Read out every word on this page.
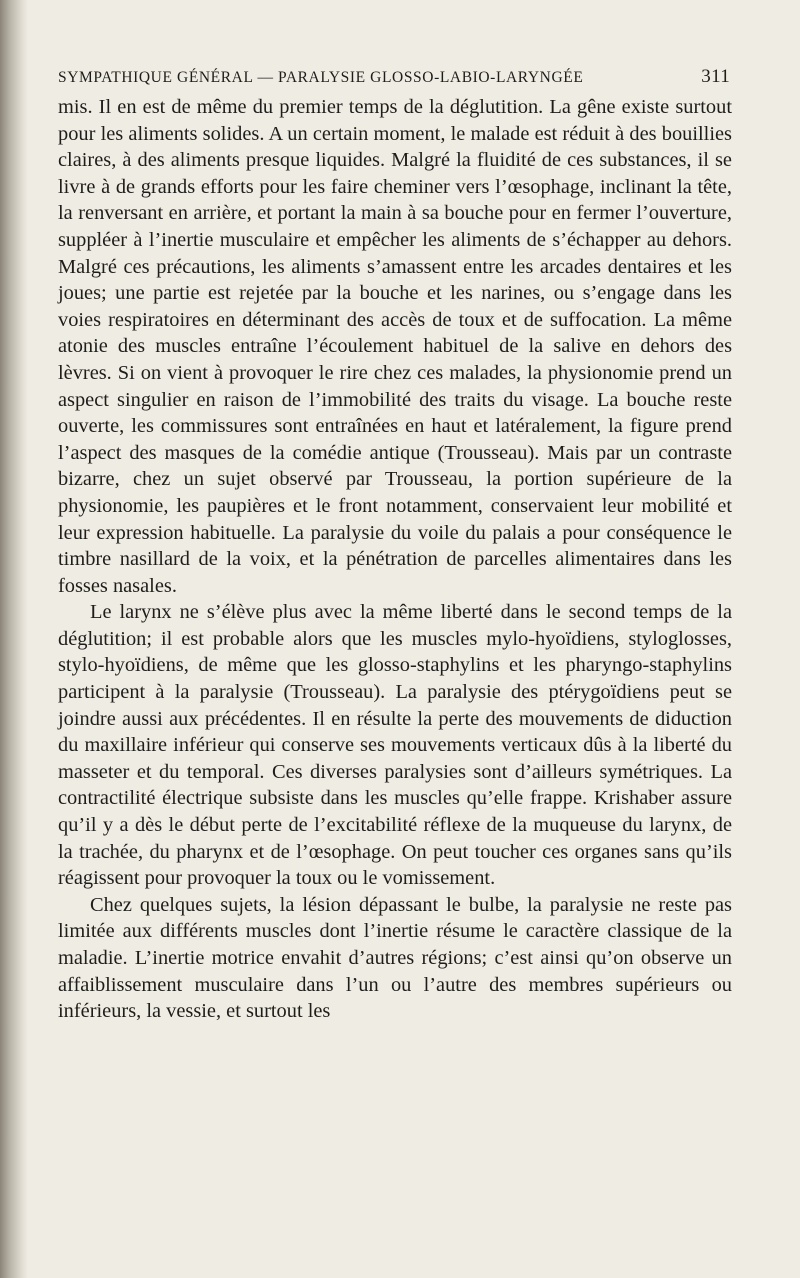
SYMPATHIQUE GÉNÉRAL — PARALYSIE GLOSSO-LABIO-LARYNGÉE	311

mis. Il en est de même du premier temps de la déglutition. La gêne existe surtout pour les aliments solides. A un certain moment, le malade est réduit à des bouillies claires, à des aliments presque liquides. Malgré la fluidité de ces substances, il se livre à de grands efforts pour les faire cheminer vers l’œsophage, inclinant la tête, la renversant en arrière, et portant la main à sa bouche pour en fermer l’ouverture, suppléer à l’inertie musculaire et empêcher les aliments de s’échapper au dehors. Malgré ces précautions, les aliments s’amassent entre les arcades dentaires et les joues; une partie est rejetée par la bouche et les narines, ou s’engage dans les voies respiratoires en déterminant des accès de toux et de suffocation. La même atonie des muscles entraîne l’écoulement habituel de la salive en dehors des lèvres. Si on vient à provoquer le rire chez ces malades, la physionomie prend un aspect singulier en raison de l’immobilité des traits du visage. La bouche reste ouverte, les commissures sont entraînées en haut et latéralement, la figure prend l’aspect des masques de la comédie antique (Trousseau). Mais par un contraste bizarre, chez un sujet observé par Trousseau, la portion supérieure de la physionomie, les paupières et le front notamment, conservaient leur mobilité et leur expression habituelle. La paralysie du voile du palais a pour conséquence le timbre nasillard de la voix, et la pénétration de parcelles alimentaires dans les fosses nasales.

Le larynx ne s’élève plus avec la même liberté dans le second temps de la déglutition; il est probable alors que les muscles mylo-hyoïdiens, styloglosses, stylo-hyoïdiens, de même que les glosso-staphylins et les pharyngo-staphylins participent à la paralysie (Trousseau). La paralysie des ptérygoïdiens peut se joindre aussi aux précédentes. Il en résulte la perte des mouvements de diduction du maxillaire inférieur qui conserve ses mouvements verticaux dûs à la liberté du masseter et du temporal. Ces diverses paralysies sont d’ailleurs symétriques. La contractilité électrique subsiste dans les muscles qu’elle frappe. Krishaber assure qu’il y a dès le début perte de l’excitabilité réflexe de la muqueuse du larynx, de la trachée, du pharynx et de l’œsophage. On peut toucher ces organes sans qu’ils réagissent pour provoquer la toux ou le vomissement.

Chez quelques sujets, la lésion dépassant le bulbe, la paralysie ne reste pas limitée aux différents muscles dont l’inertie résume le caractère classique de la maladie. L’inertie motrice envahit d’autres régions; c’est ainsi qu’on observe un affaiblissement musculaire dans l’un ou l’autre des membres supérieurs ou inférieurs, la vessie, et surtout les
